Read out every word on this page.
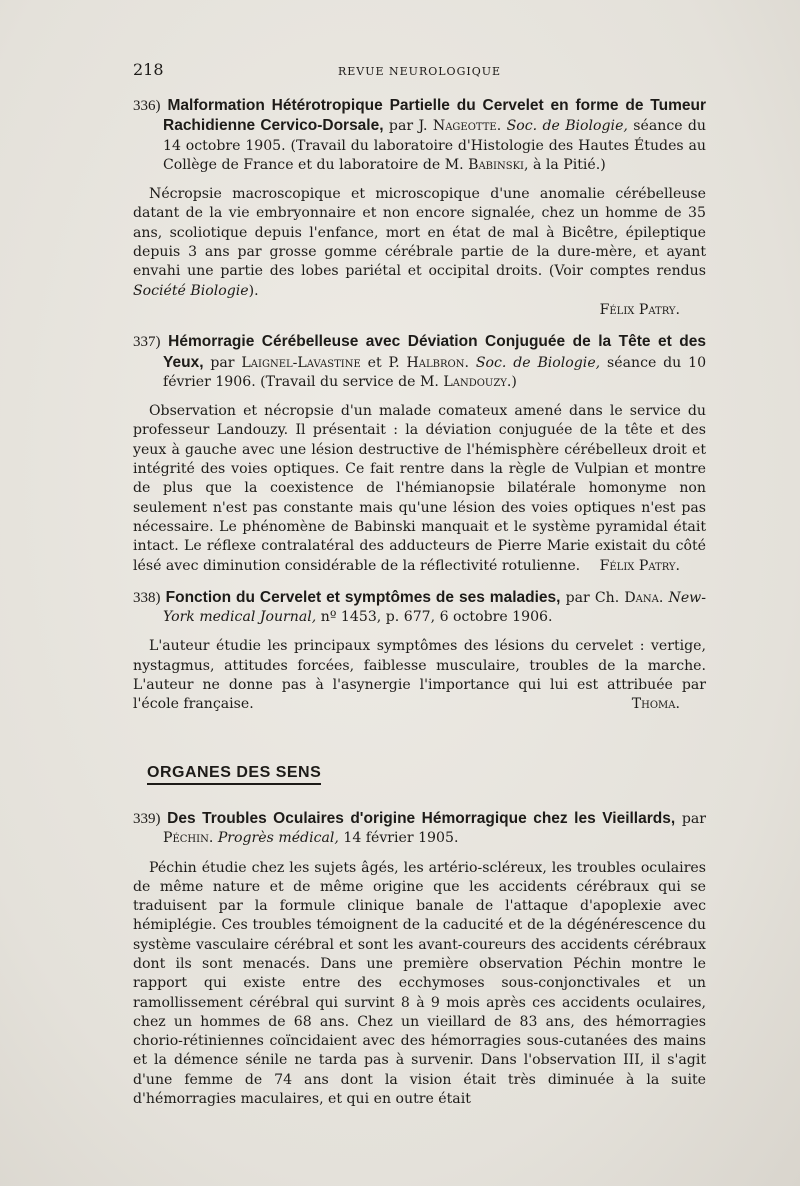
218	REVUE NEUROLOGIQUE

336) Malformation Hétérotropique Partielle du Cervelet en forme de Tumeur Rachidienne Cervico-Dorsale, par J. Nageotte. Soc. de Biologie, séance du 14 octobre 1905. (Travail du laboratoire d'Histologie des Hautes Études au Collège de France et du laboratoire de M. Babinski, à la Pitié.)

Nécropsie macroscopique et microscopique d'une anomalie cérébelleuse datant de la vie embryonnaire et non encore signalée, chez un homme de 35 ans, scoliotique depuis l'enfance, mort en état de mal à Bicêtre, épileptique depuis 3 ans par grosse gomme cérébrale partie de la dure-mère, et ayant envahi une partie des lobes pariétal et occipital droits. (Voir comptes rendus Société Biologie).

Félix Patry.

337) Hémorragie Cérébelleuse avec Déviation Conjuguée de la Tête et des Yeux, par Laignel-Lavastine et P. Halbron. Soc. de Biologie, séance du 10 février 1906. (Travail du service de M. Landouzy.)

Observation et nécropsie d'un malade comateux amené dans le service du professeur Landouzy. Il présentait : la déviation conjuguée de la tête et des yeux à gauche avec une lésion destructive de l'hémisphère cérébelleux droit et intégrité des voies optiques. Ce fait rentre dans la règle de Vulpian et montre de plus que la coexistence de l'hémianopsie bilatérale homonyme non seulement n'est pas constante mais qu'une lésion des voies optiques n'est pas nécessaire. Le phénomène de Babinski manquait et le système pyramidal était intact. Le réflexe contralatéral des adducteurs de Pierre Marie existait du côté lésé avec diminution considérable de la réflectivité rotulienne.	Félix Patry.

338) Fonction du Cervelet et symptômes de ses maladies, par Ch. Dana. New-York medical Journal, nº 1453, p. 677, 6 octobre 1906.

L'auteur étudie les principaux symptômes des lésions du cervelet : vertige, nystagmus, attitudes forcées, faiblesse musculaire, troubles de la marche. L'auteur ne donne pas à l'asynergie l'importance qui lui est attribuée par l'école française.	Thoma.

ORGANES DES SENS

339) Des Troubles Oculaires d'origine Hémorragique chez les Vieillards, par Péchin. Progrès médical, 14 février 1905.

Péchin étudie chez les sujets âgés, les artério-scléreux, les troubles oculaires de même nature et de même origine que les accidents cérébraux qui se traduisent par la formule clinique banale de l'attaque d'apoplexie avec hémiplégie. Ces troubles témoignent de la caducité et de la dégénérescence du système vasculaire cérébral et sont les avant-coureurs des accidents cérébraux dont ils sont menacés. Dans une première observation Péchin montre le rapport qui existe entre des ecchymoses sous-conjonctivales et un ramollissement cérébral qui survint 8 à 9 mois après ces accidents oculaires, chez un hommes de 68 ans. Chez un vieillard de 83 ans, des hémorragies chorio-rétiniennes coïncidaient avec des hémorragies sous-cutanées des mains et la démence sénile ne tarda pas à survenir. Dans l'observation III, il s'agit d'une femme de 74 ans dont la vision était très diminuée à la suite d'hémorragies maculaires, et qui en outre était
